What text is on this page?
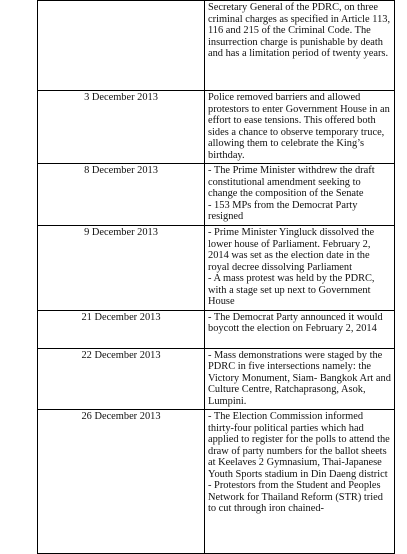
	Secretary General of the PDRC, on three criminal charges as specified in Article 113, 116 and 215 of the Criminal Code. The insurrection charge is punishable by death and has a limitation period of twenty years.

3 December 2013	Police removed barriers and allowed protestors to enter Government House in an effort to ease tensions. This offered both sides a chance to observe temporary truce, allowing them to celebrate the King’s birthday.

8 December 2013	- The Prime Minister withdrew the draft constitutional amendment seeking to change the composition of the Senate
- 153 MPs from the Democrat Party resigned

9 December 2013	- Prime Minister Yingluck dissolved the lower house of Parliament. February 2, 2014 was set as the election date in the royal decree dissolving Parliament
- A mass protest was held by the PDRC, with a stage set up next to Government House

21 December 2013	- The Democrat Party announced it would boycott the election on February 2, 2014

22 December 2013	- Mass demonstrations were staged by the PDRC in five intersections namely: the Victory Monument, Siam- Bangkok Art and Culture Centre, Ratchaprasong, Asok, Lumpini.

26 December 2013	- The Election Commission informed thirty-four political parties which had applied to register for the polls to attend the draw of party numbers for the ballot sheets at Keelaves 2 Gymnasium, Thai-Japanese Youth Sports stadium in Din Daeng district
- Protestors from the Student and Peoples Network for Thailand Reform (STR) tried to cut through iron chained-
